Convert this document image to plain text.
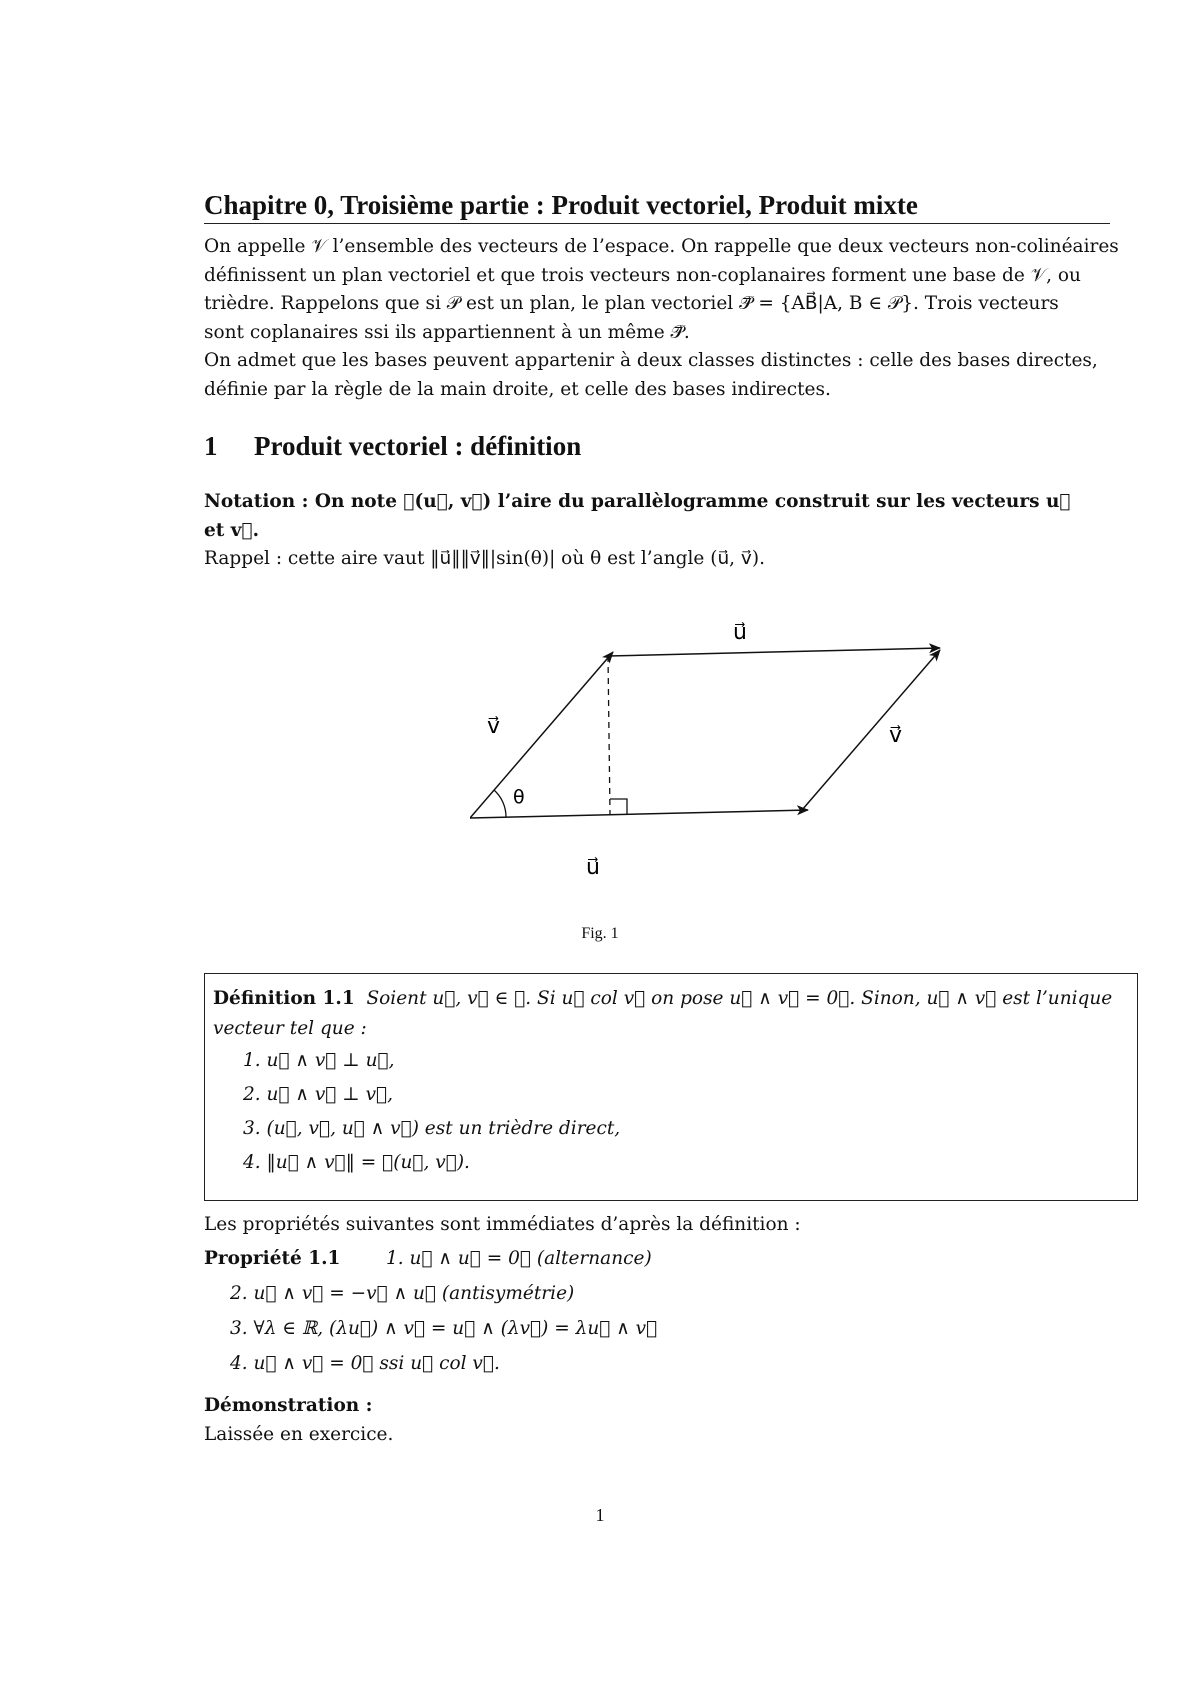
Chapitre 0, Troisième partie : Produit vectoriel, Produit mixte

On appelle 𝒱 l’ensemble des vecteurs de l’espace. On rappelle que deux vecteurs non-colinéaires

définissent un plan vectoriel et que trois vecteurs non-coplanaires forment une base de 𝒱, ou

trièdre. Rappelons que si 𝒫 est un plan, le plan vectoriel 𝒫⃗ = {AB⃗|A, B ∈ 𝒫}. Trois vecteurs

sont coplanaires ssi ils appartiennent à un même 𝒫⃗.

On admet que les bases peuvent appartenir à deux classes distinctes : celle des bases directes,

définie par la règle de la main droite, et celle des bases indirectes.

1 Produit vectoriel : définition

Notation : On note 𝒜(u⃗, v⃗) l’aire du parallèlogramme construit sur les vecteurs u⃗

et v⃗.

Rappel : cette aire vaut ‖u⃗‖‖v⃗‖|sin(θ)| où θ est l’angle (u⃗, v⃗).

u⃗
v⃗	v⃗
θ
u⃗
Fig. 1

Définition 1.1 Soient u⃗, v⃗ ∈ 𝒱. Si u⃗ col v⃗ on pose u⃗ ∧ v⃗ = 0⃗. Sinon, u⃗ ∧ v⃗ est l’unique

vecteur tel que :

1. u⃗ ∧ v⃗ ⊥ u⃗,
2. u⃗ ∧ v⃗ ⊥ v⃗,
3. (u⃗, v⃗, u⃗ ∧ v⃗) est un trièdre direct,
4. ‖u⃗ ∧ v⃗‖ = 𝒜(u⃗, v⃗).

Les propriétés suivantes sont immédiates d’après la définition :

Propriété 1.1	1. u⃗ ∧ u⃗ = 0⃗ (alternance)
2. u⃗ ∧ v⃗ = −v⃗ ∧ u⃗ (antisymétrie)
3. ∀λ ∈ ℝ, (λu⃗) ∧ v⃗ = u⃗ ∧ (λv⃗) = λu⃗ ∧ v⃗
4. u⃗ ∧ v⃗ = 0⃗ ssi u⃗ col v⃗.

Démonstration :

Laissée en exercice.

1
